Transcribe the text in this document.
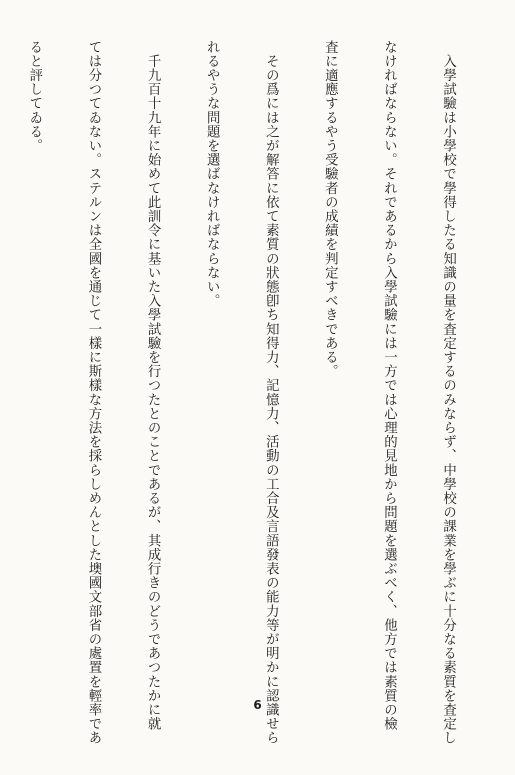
　入學試驗は小學校で學得したる知識の量を査定するのみならず、中學校の課業を學ぶに十分なる素質を査定し

なければならない。それであるから入學試驗には一方では心理的見地から問題を選ぶべく、他方では素質の檢

査に適應するやう受驗者の成績を判定すべきである。

　その爲には之が解答に依て素質の狀態卽ち知得力、記憶力、活動の工合及言語發表の能力等が明かに認識せら

れるやうな問題を選ばなければならない。

　千九百十九年に始めて此訓令に基いた入學試驗を行つたとのことであるが、其成行きのどうであつたかに就

ては分つてゐない。ステルンは全國を通じて一樣に斯樣な方法を採らしめんとした墺國文部省の處置を輕率であ

ると評してゐる。

6
